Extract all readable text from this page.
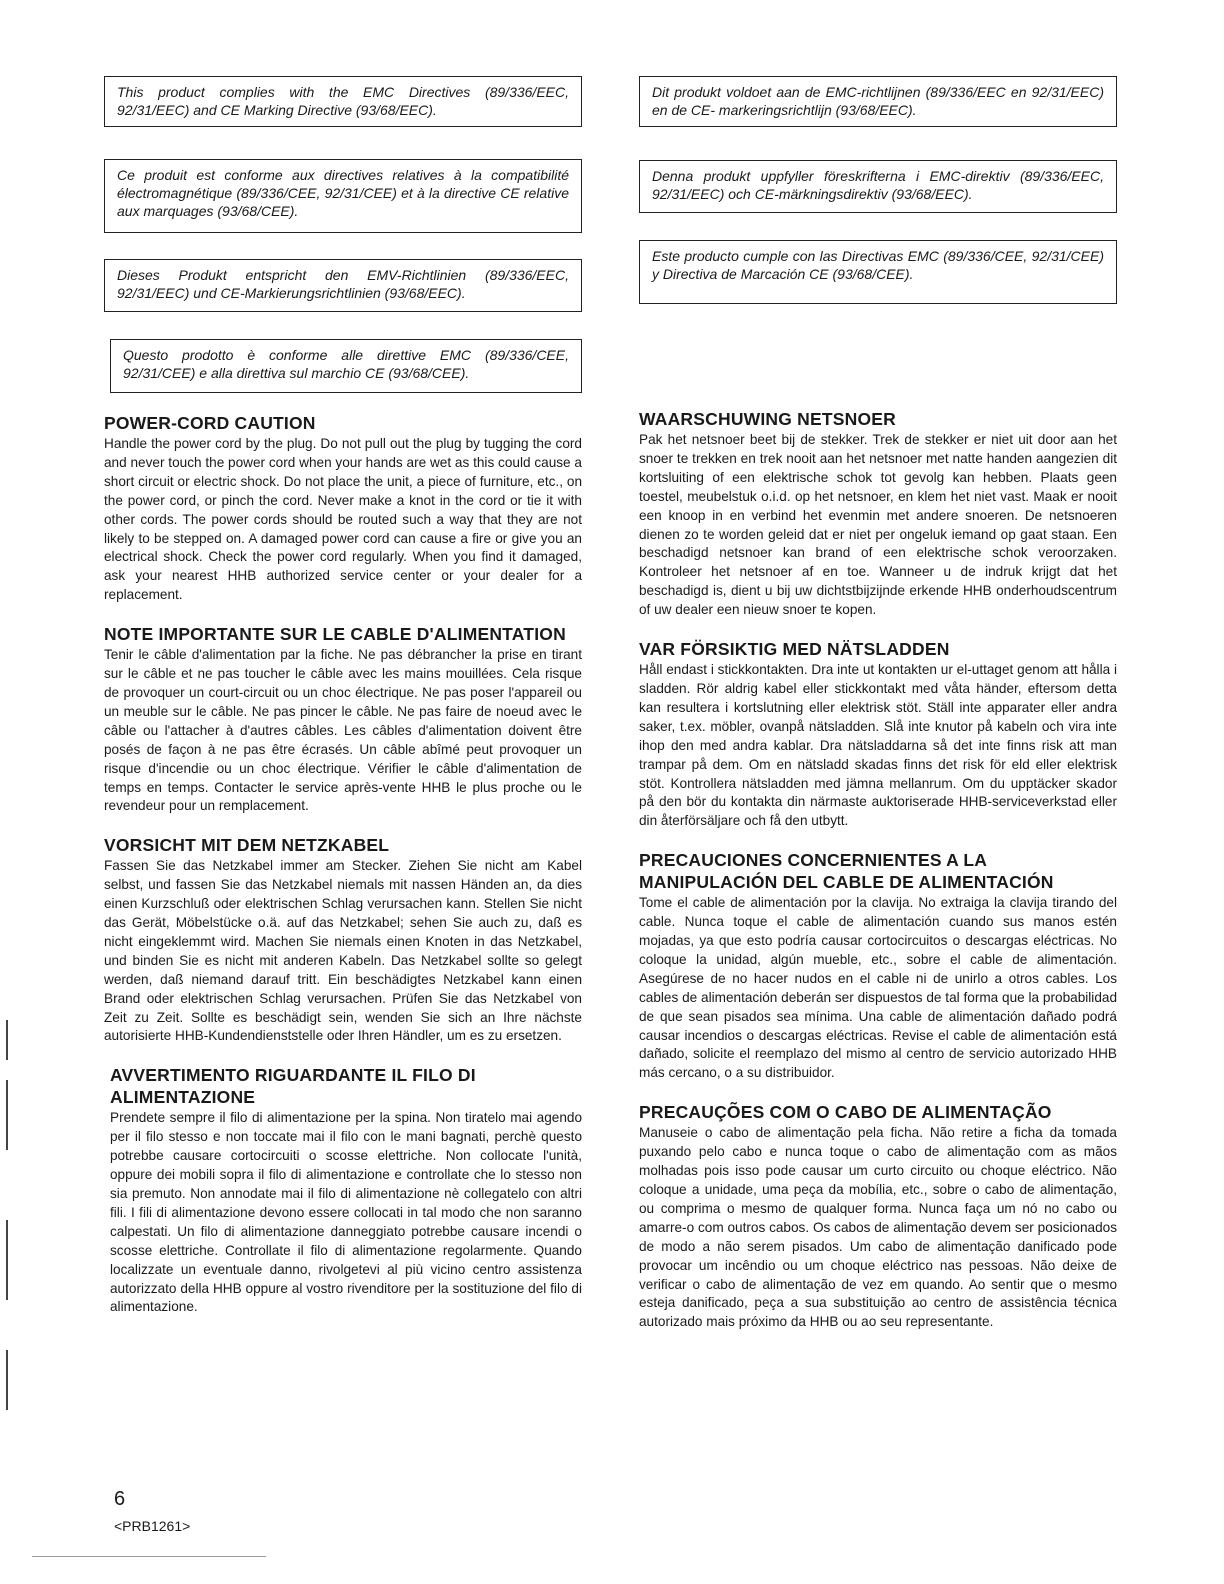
This product complies with the EMC Directives (89/336/EEC, 92/31/EEC) and CE Marking Directive (93/68/EEC).
Ce produit est conforme aux directives relatives à la compatibilité électromagnétique (89/336/CEE, 92/31/CEE) et à la directive CE relative aux marquages (93/68/CEE).
Dieses Produkt entspricht den EMV-Richtlinien (89/336/EEC, 92/31/EEC) und CE-Markierungsrichtlinien (93/68/EEC).
Questo prodotto è conforme alle direttive EMC (89/336/CEE, 92/31/CEE) e alla direttiva sul marchio CE (93/68/CEE).
POWER-CORD CAUTION

Handle the power cord by the plug. Do not pull out the plug by tugging the cord and never touch the power cord when your hands are wet as this could cause a short circuit or electric shock. Do not place the unit, a piece of furniture, etc., on the power cord, or pinch the cord. Never make a knot in the cord or tie it with other cords. The power cords should be routed such a way that they are not likely to be stepped on. A damaged power cord can cause a fire or give you an electrical shock. Check the power cord regularly. When you find it damaged, ask your nearest HHB authorized service center or your dealer for a replacement.

NOTE IMPORTANTE SUR LE CABLE D'ALIMENTATION

Tenir le câble d'alimentation par la fiche. Ne pas débrancher la prise en tirant sur le câble et ne pas toucher le câble avec les mains mouillées. Cela risque de provoquer un court-circuit ou un choc électrique. Ne pas poser l'appareil ou un meuble sur le câble. Ne pas pincer le câble. Ne pas faire de noeud avec le câble ou l'attacher à d'autres câbles. Les câbles d'alimentation doivent être posés de façon à ne pas être écrasés. Un câble abîmé peut provoquer un risque d'incendie ou un choc électrique. Vérifier le câble d'alimentation de temps en temps. Contacter le service après-vente HHB le plus proche ou le revendeur pour un remplacement.

VORSICHT MIT DEM NETZKABEL

Fassen Sie das Netzkabel immer am Stecker. Ziehen Sie nicht am Kabel selbst, und fassen Sie das Netzkabel niemals mit nassen Händen an, da dies einen Kurzschluß oder elektrischen Schlag verursachen kann. Stellen Sie nicht das Gerät, Möbelstücke o.ä. auf das Netzkabel; sehen Sie auch zu, daß es nicht eingeklemmt wird. Machen Sie niemals einen Knoten in das Netzkabel, und binden Sie es nicht mit anderen Kabeln. Das Netzkabel sollte so gelegt werden, daß niemand darauf tritt. Ein beschädigtes Netzkabel kann einen Brand oder elektrischen Schlag verursachen. Prüfen Sie das Netzkabel von Zeit zu Zeit. Sollte es beschädigt sein, wenden Sie sich an Ihre nächste autorisierte HHB-Kundendienststelle oder Ihren Händler, um es zu ersetzen.

AVVERTIMENTO RIGUARDANTE IL FILO DI ALIMENTAZIONE

Prendete sempre il filo di alimentazione per la spina. Non tiratelo mai agendo per il filo stesso e non toccate mai il filo con le mani bagnati, perchè questo potrebbe causare cortocircuiti o scosse elettriche. Non collocate l'unità, oppure dei mobili sopra il filo di alimentazione e controllate che lo stesso non sia premuto. Non annodate mai il filo di alimentazione nè collegatelo con altri fili. I fili di alimentazione devono essere collocati in tal modo che non saranno calpestati. Un filo di alimentazione danneggiato potrebbe causare incendi o scosse elettriche. Controllate il filo di alimentazione regolarmente. Quando localizzate un eventuale danno, rivolgetevi al più vicino centro assistenza autorizzato della HHB oppure al vostro rivenditore per la sostituzione del filo di alimentazione.

Dit produkt voldoet aan de EMC-richtlijnen (89/336/EEC en 92/31/EEC) en de CE- markeringsrichtlijn (93/68/EEC).
Denna produkt uppfyller föreskrifterna i EMC-direktiv (89/336/EEC, 92/31/EEC) och CE-märkningsdirektiv (93/68/EEC).
Este producto cumple con las Directivas EMC (89/336/CEE, 92/31/CEE) y Directiva de Marcación CE (93/68/CEE).
WAARSCHUWING NETSNOER

Pak het netsnoer beet bij de stekker. Trek de stekker er niet uit door aan het snoer te trekken en trek nooit aan het netsnoer met natte handen aangezien dit kortsluiting of een elektrische schok tot gevolg kan hebben. Plaats geen toestel, meubelstuk o.i.d. op het netsnoer, en klem het niet vast. Maak er nooit een knoop in en verbind het evenmin met andere snoeren. De netsnoeren dienen zo te worden geleid dat er niet per ongeluk iemand op gaat staan. Een beschadigd netsnoer kan brand of een elektrische schok veroorzaken. Kontroleer het netsnoer af en toe. Wanneer u de indruk krijgt dat het beschadigd is, dient u bij uw dichtstbijzijnde erkende HHB onderhoudscentrum of uw dealer een nieuw snoer te kopen.

VAR FÖRSIKTIG MED NÄTSLADDEN

Håll endast i stickkontakten. Dra inte ut kontakten ur el-uttaget genom att hålla i sladden. Rör aldrig kabel eller stickkontakt med våta händer, eftersom detta kan resultera i kortslutning eller elektrisk stöt. Ställ inte apparater eller andra saker, t.ex. möbler, ovanpå nätsladden. Slå inte knutor på kabeln och vira inte ihop den med andra kablar. Dra nätsladdarna så det inte finns risk att man trampar på dem. Om en nätsladd skadas finns det risk för eld eller elektrisk stöt. Kontrollera nätsladden med jämna mellanrum. Om du upptäcker skador på den bör du kontakta din närmaste auktoriserade HHB-serviceverkstad eller din återförsäljare och få den utbytt.

PRECAUCIONES CONCERNIENTES A LA MANIPULACIÓN DEL CABLE DE ALIMENTACIÓN

Tome el cable de alimentación por la clavija. No extraiga la clavija tirando del cable. Nunca toque el cable de alimentación cuando sus manos estén mojadas, ya que esto podría causar cortocircuitos o descargas eléctricas. No coloque la unidad, algún mueble, etc., sobre el cable de alimentación. Asegúrese de no hacer nudos en el cable ni de unirlo a otros cables. Los cables de alimentación deberán ser dispuestos de tal forma que la probabilidad de que sean pisados sea mínima. Una cable de alimentación dañado podrá causar incendios o descargas eléctricas. Revise el cable de alimentación está dañado, solicite el reemplazo del mismo al centro de servicio autorizado HHB más cercano, o a su distribuidor.

PRECAUÇÕES COM O CABO DE ALIMENTAÇÃO

Manuseie o cabo de alimentação pela ficha. Não retire a ficha da tomada puxando pelo cabo e nunca toque o cabo de alimentação com as mãos molhadas pois isso pode causar um curto circuito ou choque eléctrico. Não coloque a unidade, uma peça da mobília, etc., sobre o cabo de alimentação, ou comprima o mesmo de qualquer forma. Nunca faça um nó no cabo ou amarre-o com outros cabos. Os cabos de alimentação devem ser posicionados de modo a não serem pisados. Um cabo de alimentação danificado pode provocar um incêndio ou um choque eléctrico nas pessoas. Não deixe de verificar o cabo de alimentação de vez em quando. Ao sentir que o mesmo esteja danificado, peça a sua substituição ao centro de assistência técnica autorizado mais próximo da HHB ou ao seu representante.

6
<PRB1261>
